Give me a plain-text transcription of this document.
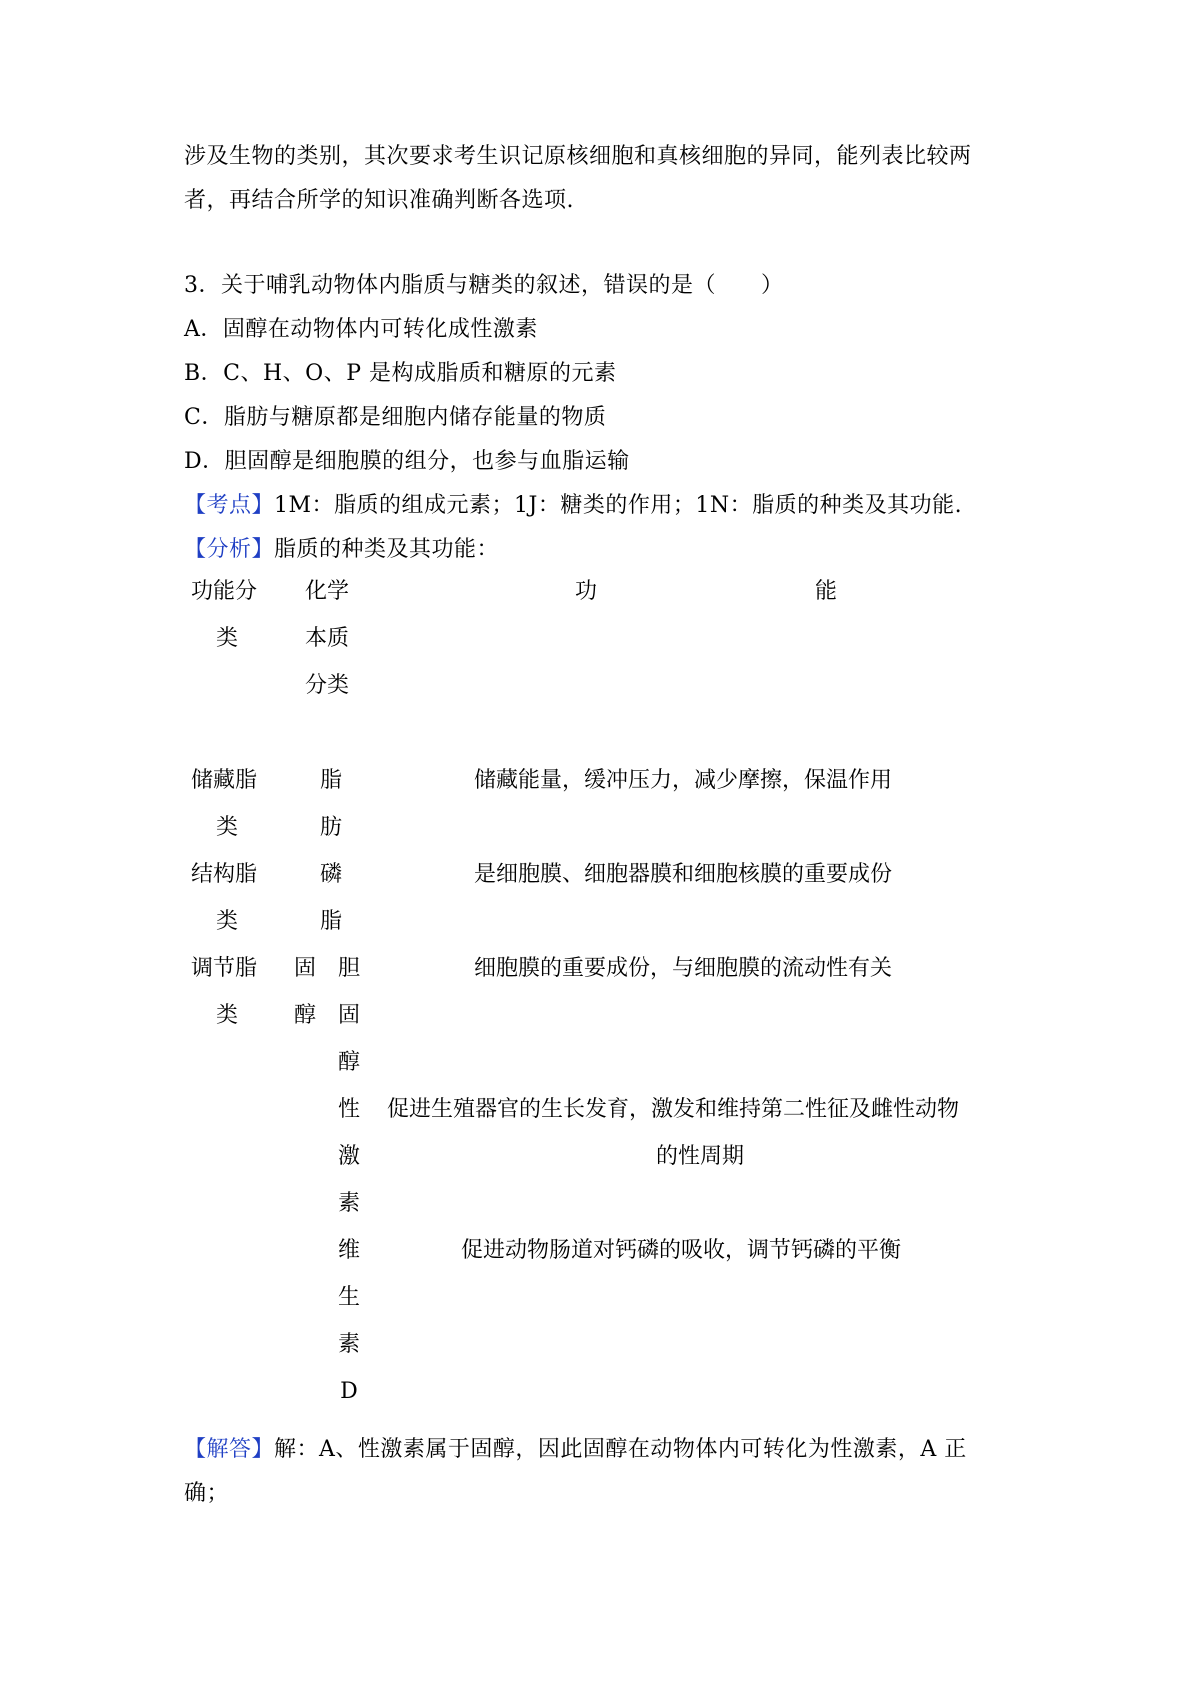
涉及生物的类别，其次要求考生识记原核细胞和真核细胞的异同，能列表比较两
者，再结合所学的知识准确判断各选项.
3．关于哺乳动物体内脂质与糖类的叙述，错误的是（　　）
A．固醇在动物体内可转化成性激素
B．C、H、O、P 是构成脂质和糖原的元素
C．脂肪与糖原都是细胞内储存能量的物质
D．胆固醇是细胞膜的组分，也参与血脂运输
【考点】1M：脂质的组成元素；1J：糖类的作用；1N：脂质的种类及其功能.
【分析】脂质的种类及其功能：
功能分
类
化学
本质
分类
功	能
储藏脂
类
脂
肪
储藏能量，缓冲压力，减少摩擦，保温作用
结构脂
类
磷
脂
是细胞膜、细胞器膜和细胞核膜的重要成份
调节脂
类
固
醇
胆
固
醇
细胞膜的重要成份，与细胞膜的流动性有关
性
激
素
促进生殖器官的生长发育，激发和维持第二性征及雌性动物
的性周期
维
生
素
D
促进动物肠道对钙磷的吸收，调节钙磷的平衡
【解答】解：A、性激素属于固醇，因此固醇在动物体内可转化为性激素，A 正
确；
